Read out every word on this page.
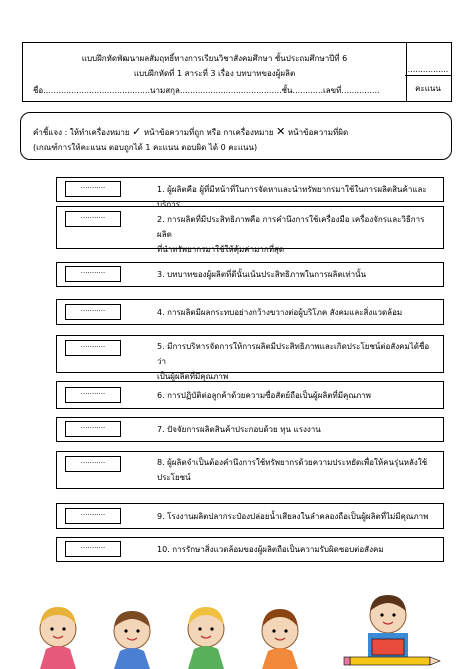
แบบฝึกหัดพัฒนาผลสัมฤทธิ์ทางการเรียนวิชาสังคมศึกษา ชั้นประถมศึกษาปีที่ 6
แบบฝึกหัดที่ 1 สาระที่ 3 เรื่อง บทบาทของผู้ผลิต
ชื่อ..........................................นามสกุล........................................ชั้น............เลขที่...............
................
คะแนน
คำชี้แจง : ให้ทำเครื่องหมาย ✓ หน้าข้อความที่ถูก หรือ กาเครื่องหมาย ✕ หน้าข้อความที่ผิด
(เกณฑ์การให้คะแนน ตอบถูกได้ 1 คะแนน ตอบผิด ได้ 0 คะแนน)
...........	1. ผู้ผลิตคือ ผู้ที่มีหน้าที่ในการจัดหาและนำทรัพยากรมาใช้ในการผลิตสินค้าและบริการ
...........	2. การผลิตที่มีประสิทธิภาพคือ การคำนึงการใช้เครื่องมือ เครื่องจักรและวิธีการผลิต
ที่นำทรัพยากรมาใช้ให้คุ้มค่ามากที่สุด
...........	3. บทบาทของผู้ผลิตที่ดีนั้นเน้นประสิทธิภาพในการผลิตเท่านั้น
...........	4. การผลิตมีผลกระทบอย่างกว้างขวางต่อผู้บริโภค สังคมและสิ่งแวดล้อม
...........	5. มีการบริหารจัดการให้การผลิตมีประสิทธิภาพและเกิดประโยชน์ต่อสังคมได้ชื่อว่า
เป็นผู้ผลิตที่มีคุณภาพ
...........	6. การปฏิบัติต่อลูกค้าด้วยความซื่อสัตย์ถือเป็นผู้ผลิตที่มีคุณภาพ
...........	7. ปัจจัยการผลิตสินค้าประกอบด้วย ทุน แรงงาน
...........	8. ผู้ผลิตจำเป็นต้องคำนึงการใช้ทรัพยากรด้วยความประหยัดเพื่อให้คนรุ่นหลังใช้
ประโยชน์
...........	9. โรงงานผลิตปลากระป๋องปล่อยน้ำเสียลงในลำคลองถือเป็นผู้ผลิตที่ไม่มีคุณภาพ
...........	10. การรักษาสิ่งแวดล้อมของผู้ผลิตถือเป็นความรับผิดชอบต่อสังคม
